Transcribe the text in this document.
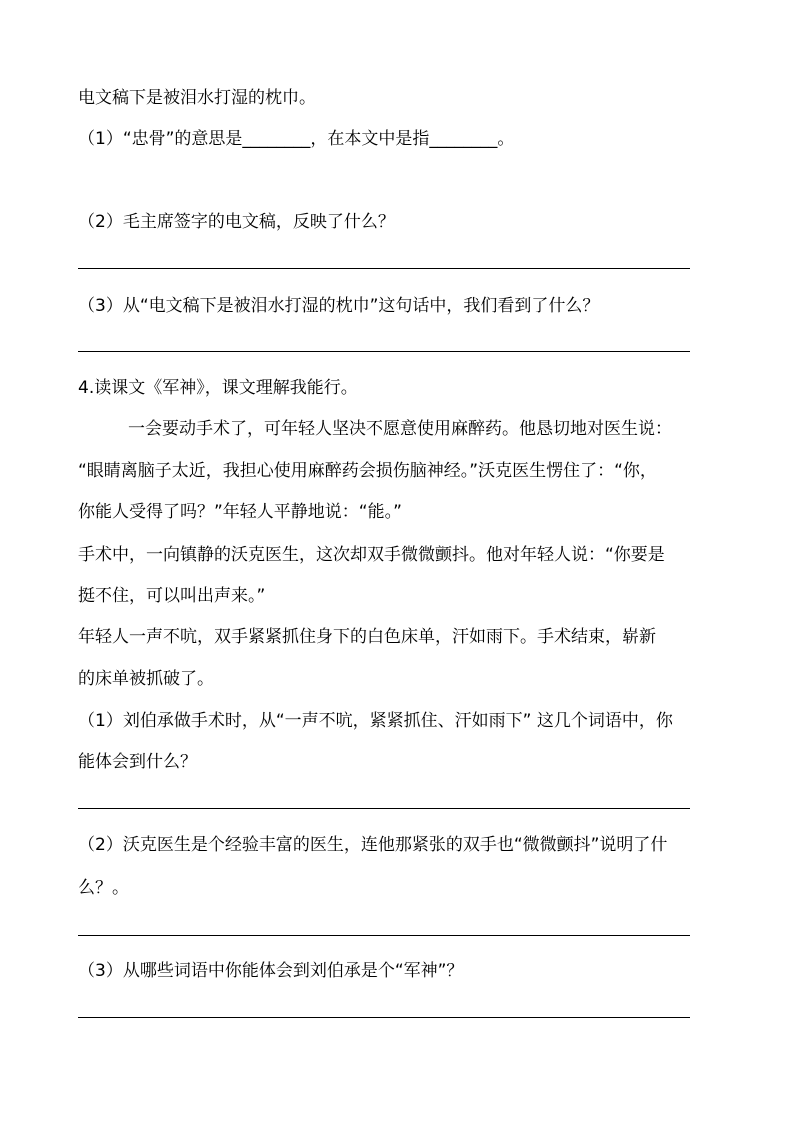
电文稿下是被泪水打湿的枕巾。

（1）“忠骨”的意思是________，在本文中是指________。

（2）毛主席签字的电文稿，反映了什么？

（3）从“电文稿下是被泪水打湿的枕巾”这句话中，我们看到了什么？

4.读课文《军神》，课文理解我能行。

一会要动手术了，可年轻人坚决不愿意使用麻醉药。他恳切地对医生说：

“眼睛离脑子太近，我担心使用麻醉药会损伤脑神经。”沃克医生愣住了：“你，

你能人受得了吗？”年轻人平静地说：“能。”

手术中，一向镇静的沃克医生，这次却双手微微颤抖。他对年轻人说：“你要是

挺不住，可以叫出声来。”

年轻人一声不吭，双手紧紧抓住身下的白色床单，汗如雨下。手术结束，崭新

的床单被抓破了。

（1）刘伯承做手术时，从“一声不吭，紧紧抓住、汗如雨下” 这几个词语中，你

能体会到什么？

（2）沃克医生是个经验丰富的医生，连他那紧张的双手也“微微颤抖”说明了什

么？。

（3）从哪些词语中你能体会到刘伯承是个“军神”？
